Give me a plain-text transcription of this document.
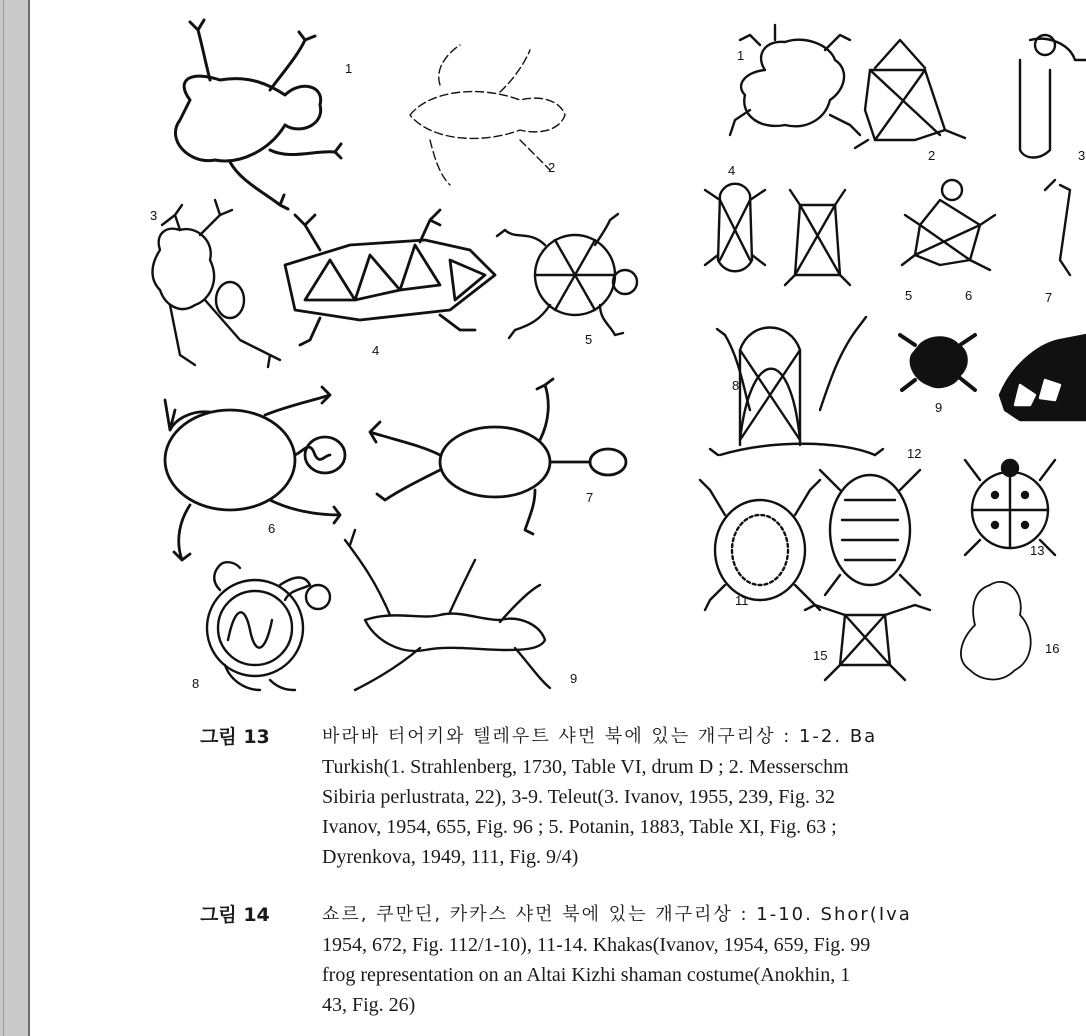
1
2
3
4
5
6
7
8	9
1
2	3
4
5	6	7
8
9
11
12
13
15	16
그림 13	바라바 터어키와 텔레우트 샤먼 북에 있는 개구리상 : 1-2. Ba
Turkish(1. Strahlenberg, 1730, Table VI, drum D ; 2. Messerschm
Sibiria perlustrata, 22), 3-9. Teleut(3. Ivanov, 1955, 239, Fig. 32
Ivanov, 1954, 655, Fig. 96 ; 5. Potanin, 1883, Table XI, Fig. 63 ;
Dyrenkova, 1949, 111, Fig. 9/4)
그림 14	쇼르, 쿠만딘, 카카스 샤먼 북에 있는 개구리상 : 1-10. Shor(Iva
1954, 672, Fig. 112/1-10), 11-14. Khakas(Ivanov, 1954, 659, Fig. 99
frog representation on an Altai Kizhi shaman costume(Anokhin, 1
43, Fig. 26)
